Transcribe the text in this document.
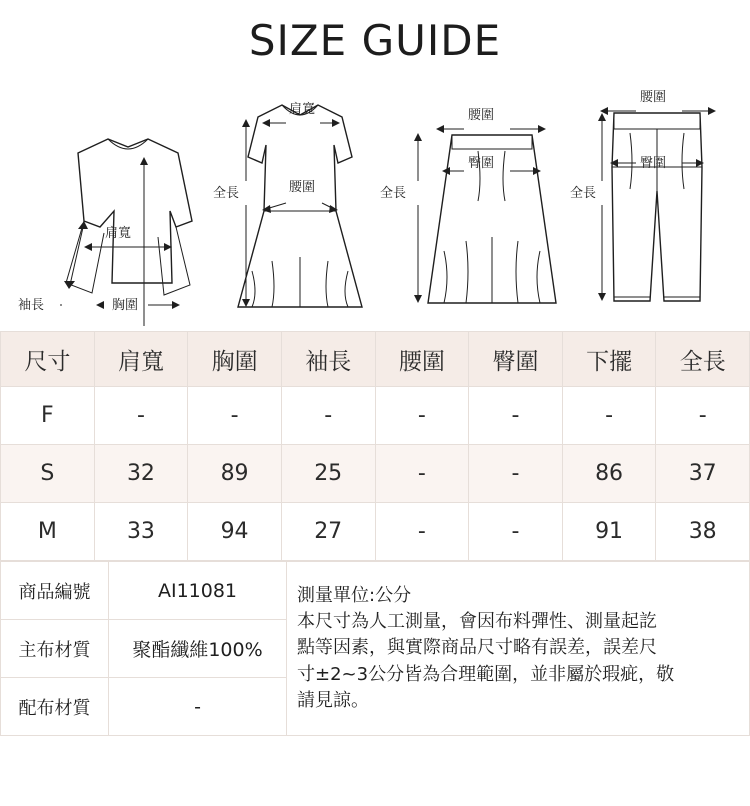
SIZE GUIDE
肩寬
胸圍
袖長
肩寬
腰圍
全長
腰圍
臀圍
全長
腰圍
臀圍
全長
尺寸	肩寬	胸圍	袖長	腰圍	臀圍	下擺	全長
F	-	-	-	-	-	-	-
S	32	89	25	-	-	86	37
M	33	94	27	-	-	91	38
商品編號	AI11081	測量單位:公分
本尺寸為人工測量，會因布料彈性、測量起訖
點等因素，與實際商品尺寸略有誤差，誤差尺
寸±2~3公分皆為合理範圍，並非屬於瑕疵，敬
請見諒。

主布材質	聚酯纖維100%	
配布材質	-	
